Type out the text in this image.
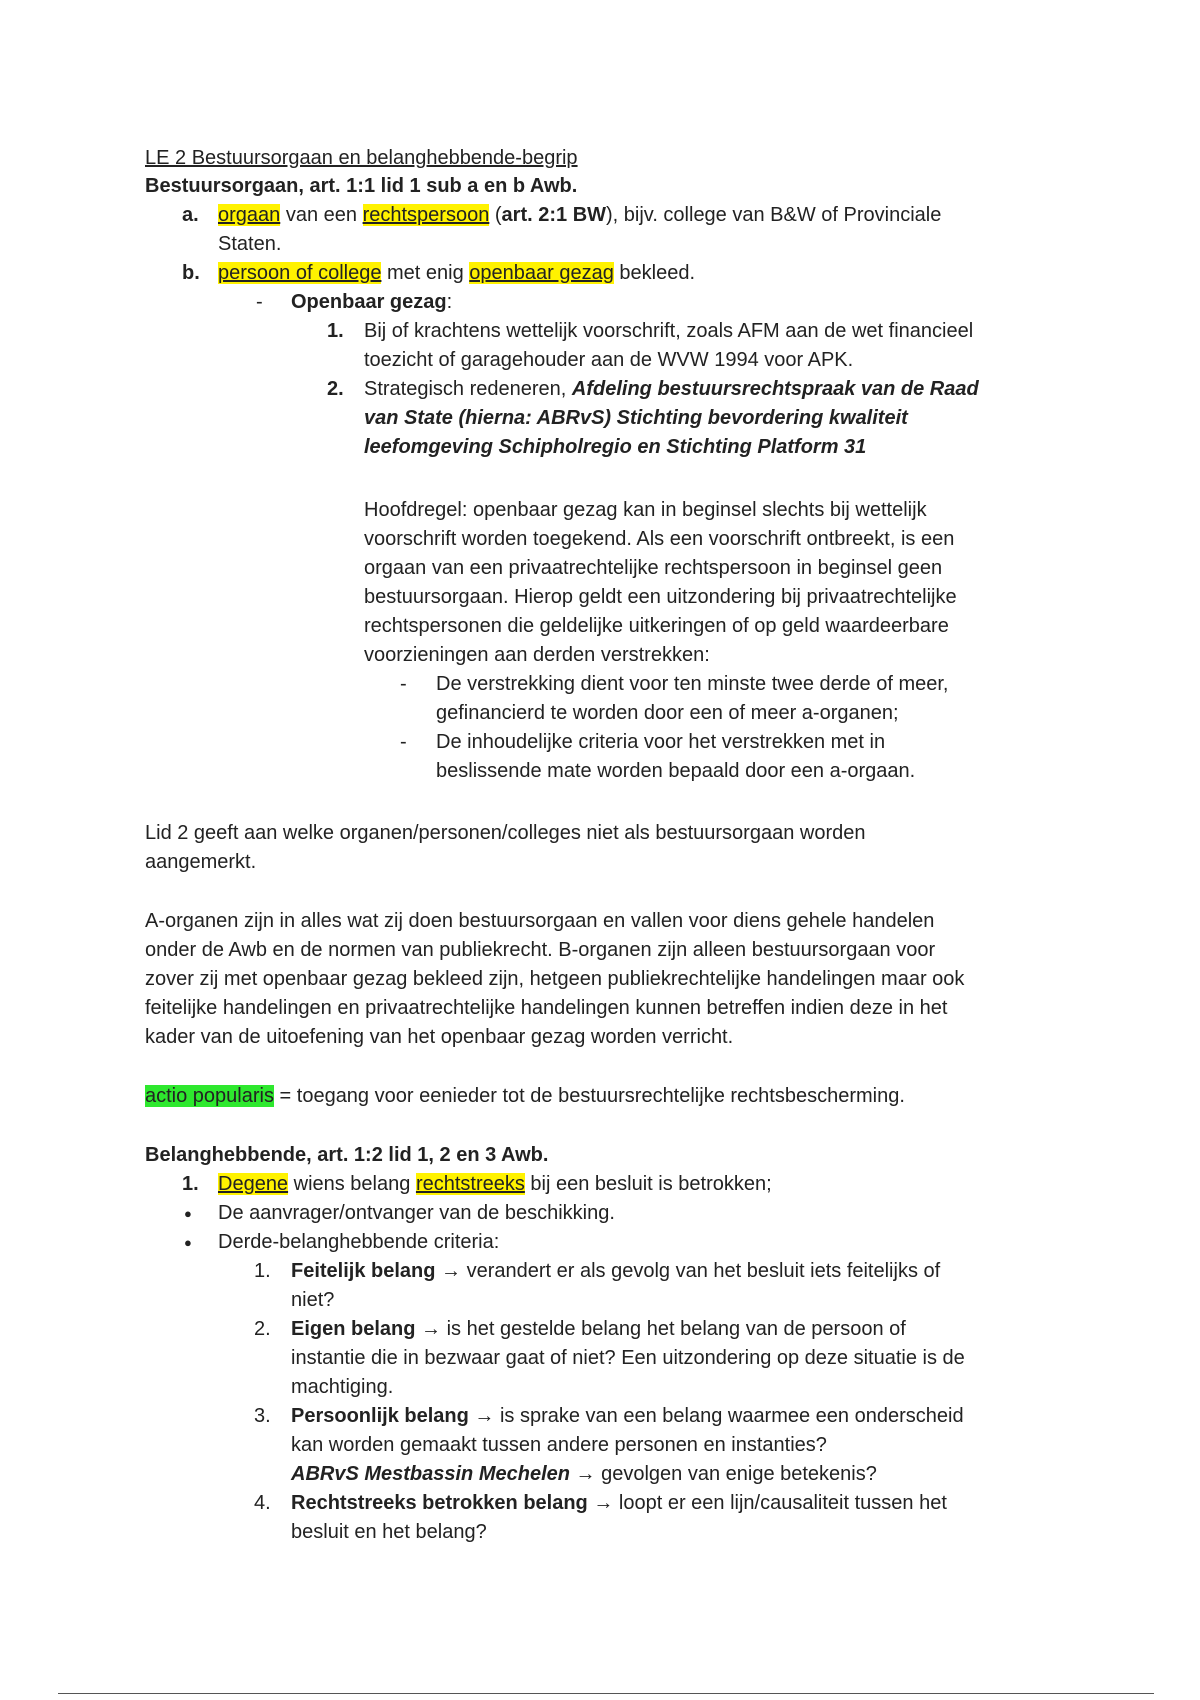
LE 2 Bestuursorgaan en belanghebbende-begrip
Bestuursorgaan, art. 1:1 lid 1 sub a en b Awb.
a. orgaan van een rechtspersoon (art. 2:1 BW), bijv. college van B&W of Provinciale
Staten.
b. persoon of college met enig openbaar gezag bekleed.
- Openbaar gezag:
1. Bij of krachtens wettelijk voorschrift, zoals AFM aan de wet financieel
toezicht of garagehouder aan de WVW 1994 voor APK.
2. Strategisch redeneren, Afdeling bestuursrechtspraak van de Raad
van State (hierna: ABRvS) Stichting bevordering kwaliteit
leefomgeving Schipholregio en Stichting Platform 31
Hoofdregel: openbaar gezag kan in beginsel slechts bij wettelijk
voorschrift worden toegekend. Als een voorschrift ontbreekt, is een
orgaan van een privaatrechtelijke rechtspersoon in beginsel geen
bestuursorgaan. Hierop geldt een uitzondering bij privaatrechtelijke
rechtspersonen die geldelijke uitkeringen of op geld waardeerbare
voorzieningen aan derden verstrekken:
- De verstrekking dient voor ten minste twee derde of meer,
gefinancierd te worden door een of meer a-organen;
- De inhoudelijke criteria voor het verstrekken met in
beslissende mate worden bepaald door een a-orgaan.
Lid 2 geeft aan welke organen/personen/colleges niet als bestuursorgaan worden
aangemerkt.
A-organen zijn in alles wat zij doen bestuursorgaan en vallen voor diens gehele handelen
onder de Awb en de normen van publiekrecht. B-organen zijn alleen bestuursorgaan voor
zover zij met openbaar gezag bekleed zijn, hetgeen publiekrechtelijke handelingen maar ook
feitelijke handelingen en privaatrechtelijke handelingen kunnen betreffen indien deze in het
kader van de uitoefening van het openbaar gezag worden verricht.
actio popularis = toegang voor eenieder tot de bestuursrechtelijke rechtsbescherming.
Belanghebbende, art. 1:2 lid 1, 2 en 3 Awb.
1. Degene wiens belang rechtstreeks bij een besluit is betrokken;
● De aanvrager/ontvanger van de beschikking.
● Derde-belanghebbende criteria:
1. Feitelijk belang → verandert er als gevolg van het besluit iets feitelijks of
niet?
2. Eigen belang → is het gestelde belang het belang van de persoon of
instantie die in bezwaar gaat of niet? Een uitzondering op deze situatie is de
machtiging.
3. Persoonlijk belang → is sprake van een belang waarmee een onderscheid
kan worden gemaakt tussen andere personen en instanties?
ABRvS Mestbassin Mechelen → gevolgen van enige betekenis?
4. Rechtstreeks betrokken belang → loopt er een lijn/causaliteit tussen het
besluit en het belang?
